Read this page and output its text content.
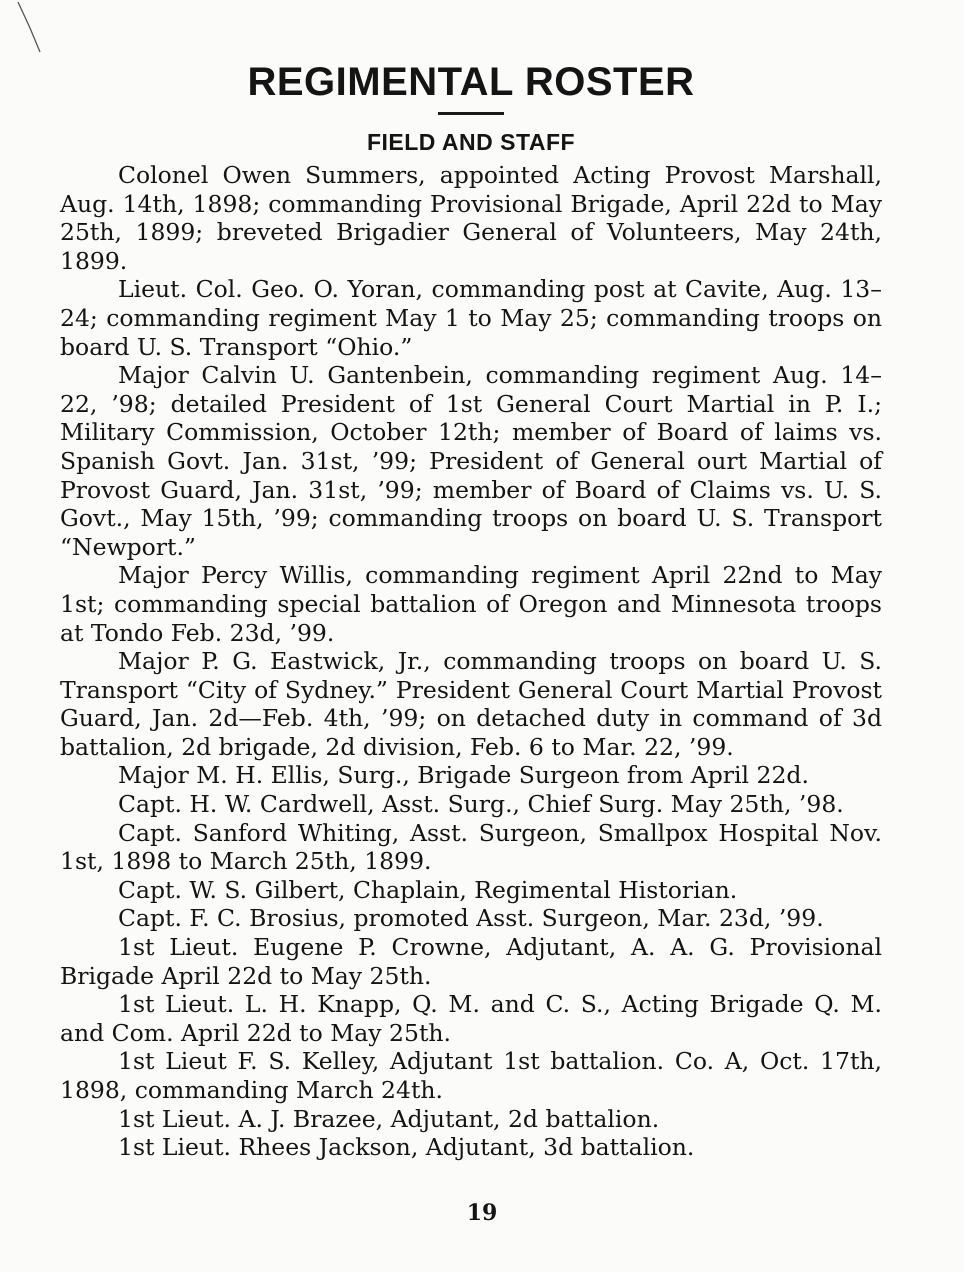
REGIMENTAL ROSTER
FIELD AND STAFF

Colonel Owen Summers, appointed Acting Provost Marshall, Aug. 14th, 1898; commanding Provisional Brigade, April 22d to May 25th, 1899; breveted Brigadier General of Volunteers, May 24th, 1899.

Lieut. Col. Geo. O. Yoran, commanding post at Cavite, Aug. 13–24; commanding regiment May 1 to May 25; commanding troops on board U. S. Transport “Ohio.”

Major Calvin U. Gantenbein, commanding regiment Aug. 14–22, ’98; detailed President of 1st General Court Martial in P. I.; Military Commission, October 12th; member of Board of laims vs. Spanish Govt. Jan. 31st, ’99; President of General ourt Martial of Provost Guard, Jan. 31st, ’99; member of Board of Claims vs. U. S. Govt., May 15th, ’99; commanding troops on board U. S. Transport “Newport.”

Major Percy Willis, commanding regiment April 22nd to May 1st; commanding special battalion of Oregon and Minnesota troops at Tondo Feb. 23d, ’99.

Major P. G. Eastwick, Jr., commanding troops on board U. S. Transport “City of Sydney.” President General Court Martial Provost Guard, Jan. 2d—Feb. 4th, ’99; on detached duty in command of 3d battalion, 2d brigade, 2d division, Feb. 6 to Mar. 22, ’99.

Major M. H. Ellis, Surg., Brigade Surgeon from April 22d.

Capt. H. W. Cardwell, Asst. Surg., Chief Surg. May 25th, ’98.

Capt. Sanford Whiting, Asst. Surgeon, Smallpox Hospital Nov. 1st, 1898 to March 25th, 1899.

Capt. W. S. Gilbert, Chaplain, Regimental Historian.

Capt. F. C. Brosius, promoted Asst. Surgeon, Mar. 23d, ’99.

1st Lieut. Eugene P. Crowne, Adjutant, A. A. G. Provisional Brigade April 22d to May 25th.

1st Lieut. L. H. Knapp, Q. M. and C. S., Acting Brigade Q. M. and Com. April 22d to May 25th.

1st Lieut F. S. Kelley, Adjutant 1st battalion. Co. A, Oct. 17th, 1898, commanding March 24th.

1st Lieut. A. J. Brazee, Adjutant, 2d battalion.

1st Lieut. Rhees Jackson, Adjutant, 3d battalion.

19
